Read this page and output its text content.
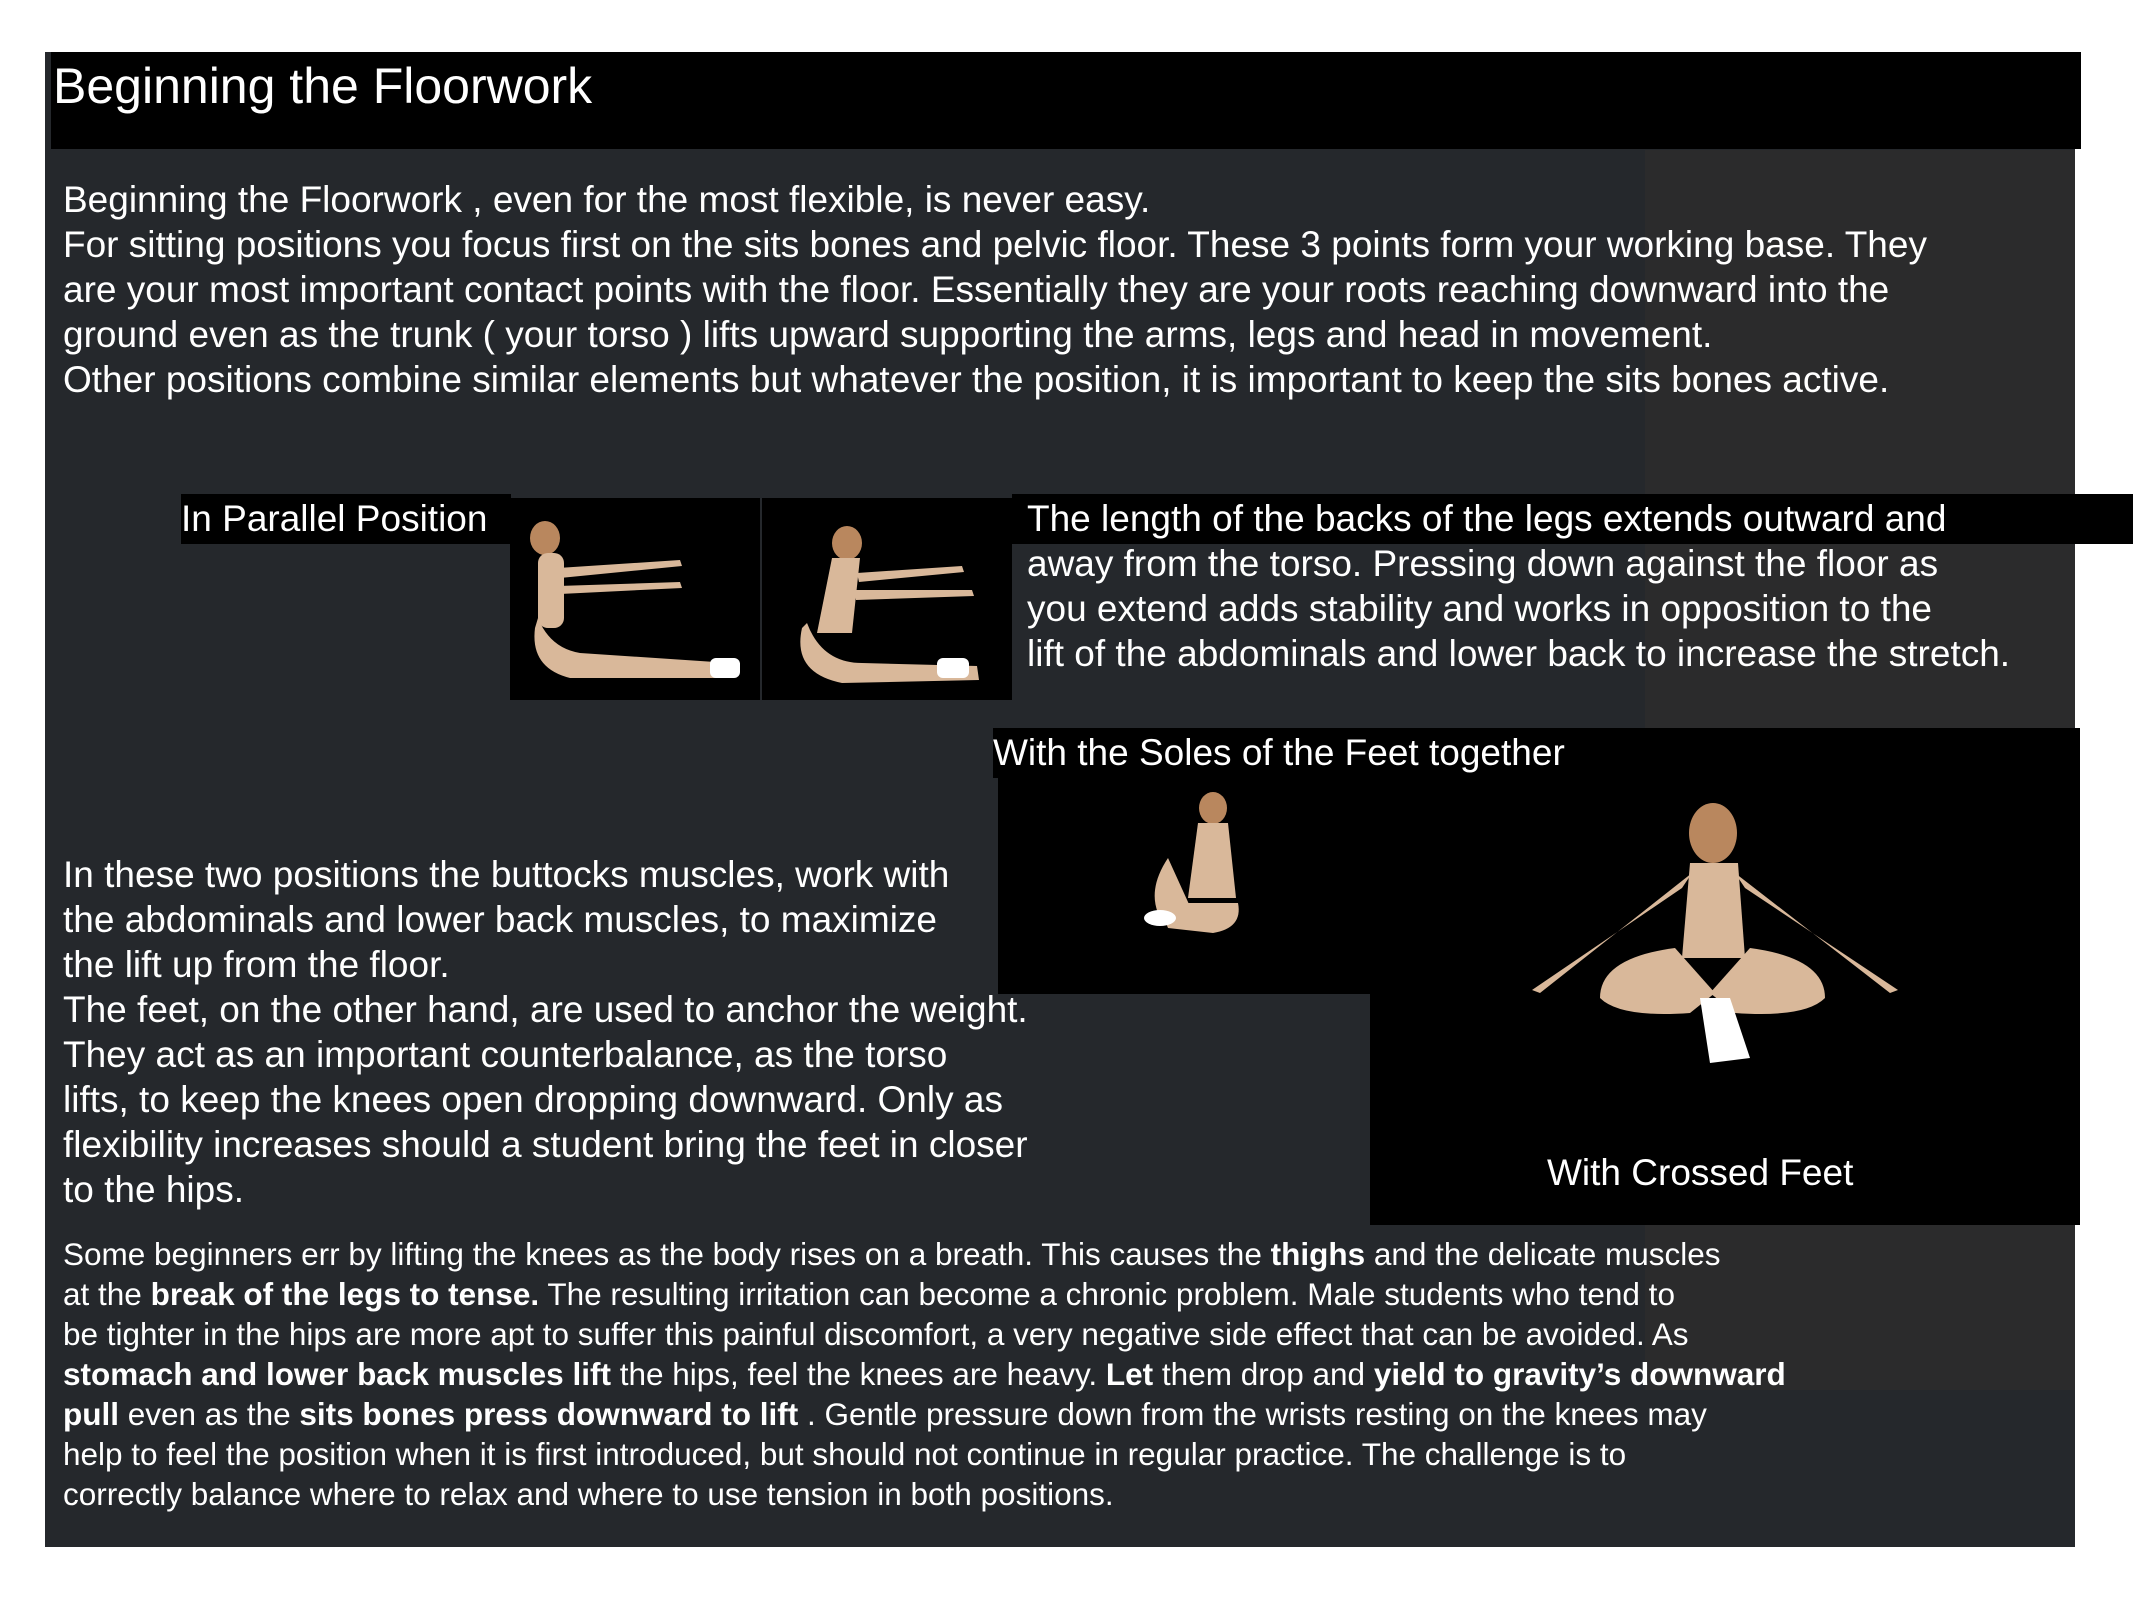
Beginning the Floorwork
Beginning the Floorwork , even for the most flexible, is never easy.
For sitting positions you focus first on the sits bones and pelvic floor. These 3 points form your working base. They
are your most important contact points with the floor. Essentially they are your roots reaching downward into the
ground even as the trunk ( your torso ) lifts upward supporting the arms, legs and head in movement.
Other positions combine similar elements but whatever the position, it is important to keep the sits bones active.
In Parallel Position	The length of the backs of the legs extends outward and
away from the torso. Pressing down against the floor as
you extend adds stability and works in opposition to the
lift of the abdominals and lower back to increase the stretch.
With the Soles of the Feet together
With Crossed Feet
In these two positions the buttocks muscles, work with
the abdominals and lower back muscles, to maximize
the lift up from the floor.
The feet, on the other hand, are used to anchor the weight.
They act as an important counterbalance, as the torso
lifts, to keep the knees open dropping downward. Only as
flexibility increases should a student bring the feet in closer
to the hips.
Some beginners err by lifting the knees as the body rises on a breath. This causes the thighs and the delicate muscles
at the break of the legs to tense. The resulting irritation can become a chronic problem. Male students who tend to
be tighter in the hips are more apt to suffer this painful discomfort, a very negative side effect that can be avoided. As
stomach and lower back muscles lift the hips, feel the knees are heavy. Let them drop and yield to gravity’s downward
pull even as the sits bones press downward to lift . Gentle pressure down from the wrists resting on the knees may
help to feel the position when it is first introduced, but should not continue in regular practice. The challenge is to
correctly balance where to relax and where to use tension in both positions.
